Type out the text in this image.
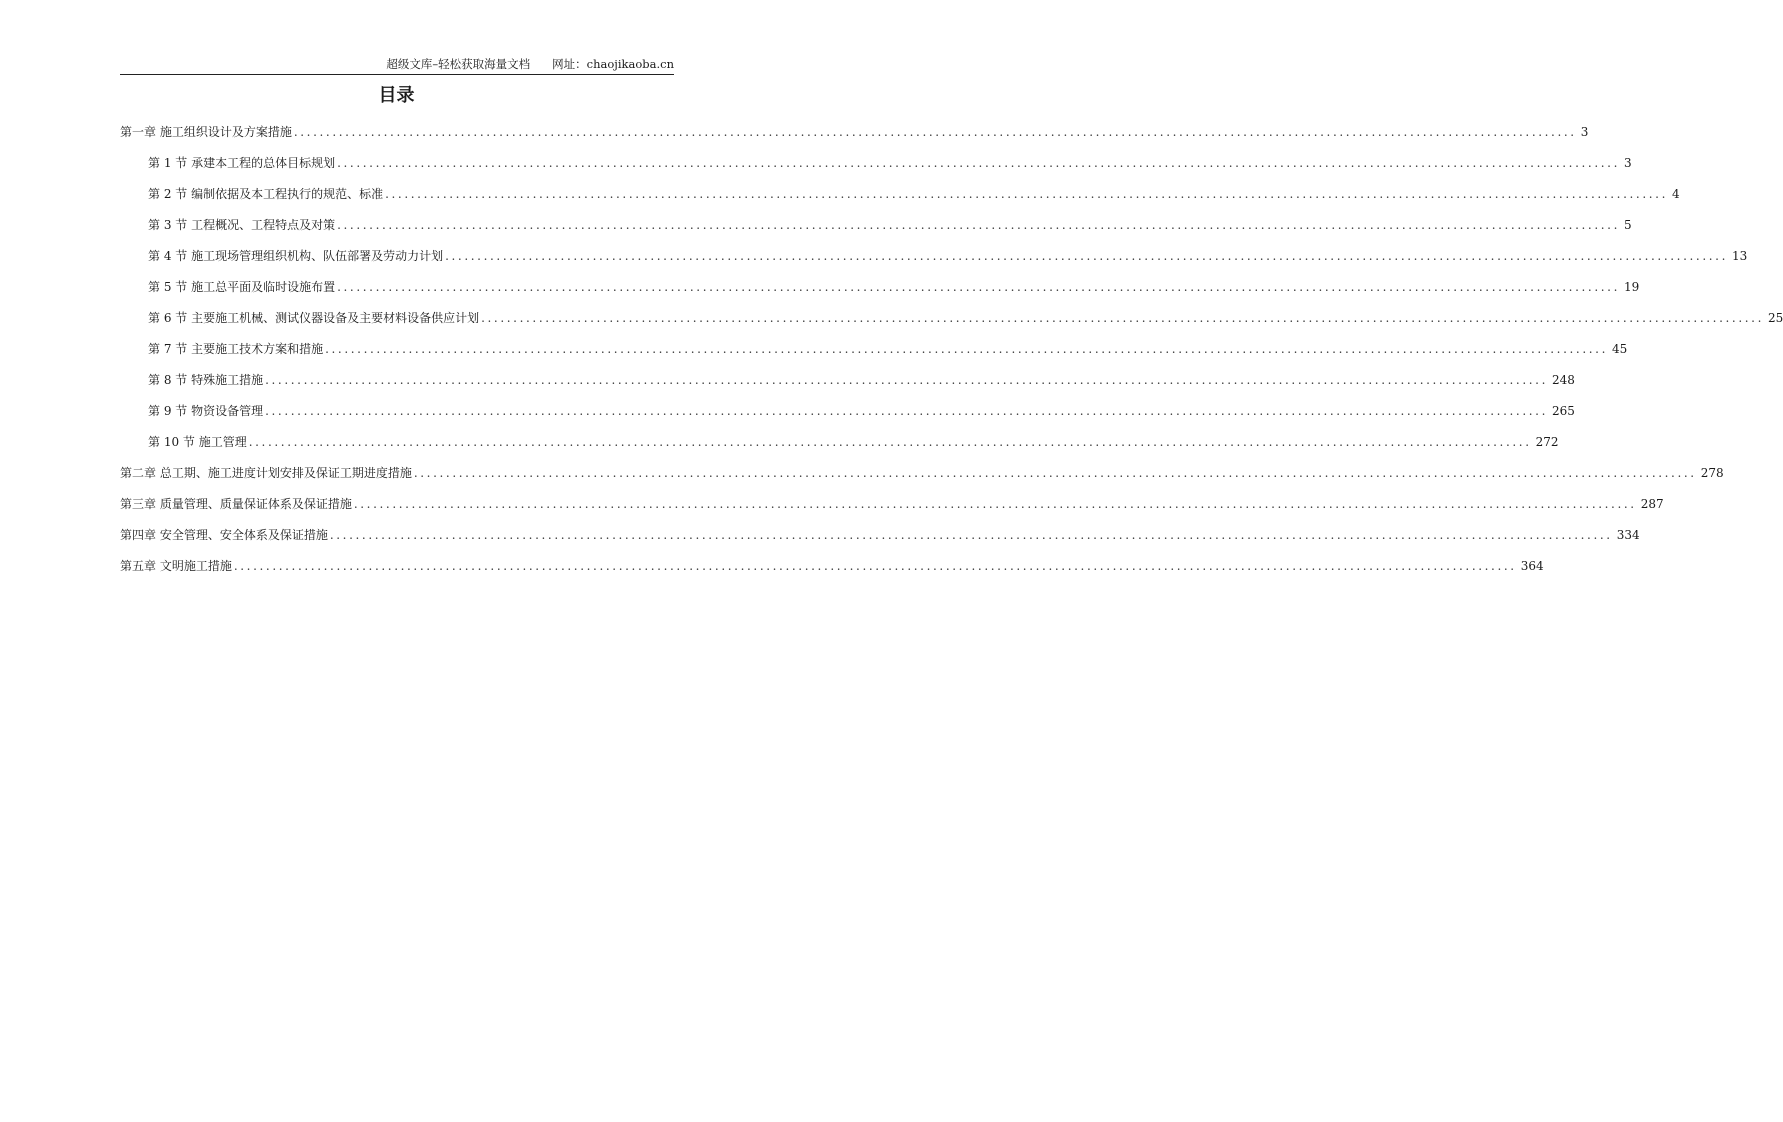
超级文库–轻松获取海量文档 网址：chaojikaoba.cn
目录
第一章 施工组织设计及方案措施 ........................................................................................................................................................................................................ 3
第 1 节 承建本工程的总体目标规划 ........................................................................................................................................................................................................ 3
第 2 节 编制依据及本工程执行的规范、标准 ........................................................................................................................................................................................................ 4
第 3 节 工程概况、工程特点及对策 ........................................................................................................................................................................................................ 5
第 4 节 施工现场管理组织机构、队伍部署及劳动力计划 ........................................................................................................................................................................................................ 13
第 5 节 施工总平面及临时设施布置 ........................................................................................................................................................................................................ 19
第 6 节 主要施工机械、测试仪器设备及主要材料设备供应计划 ........................................................................................................................................................................................................ 25
第 7 节 主要施工技术方案和措施 ........................................................................................................................................................................................................ 45
第 8 节 特殊施工措施 ........................................................................................................................................................................................................ 248
第 9 节 物资设备管理 ........................................................................................................................................................................................................ 265
第 10 节 施工管理 ........................................................................................................................................................................................................ 272
第二章 总工期、施工进度计划安排及保证工期进度措施 ........................................................................................................................................................................................................ 278
第三章 质量管理、质量保证体系及保证措施 ........................................................................................................................................................................................................ 287
第四章 安全管理、安全体系及保证措施 ........................................................................................................................................................................................................ 334
第五章 文明施工措施 ........................................................................................................................................................................................................ 364
